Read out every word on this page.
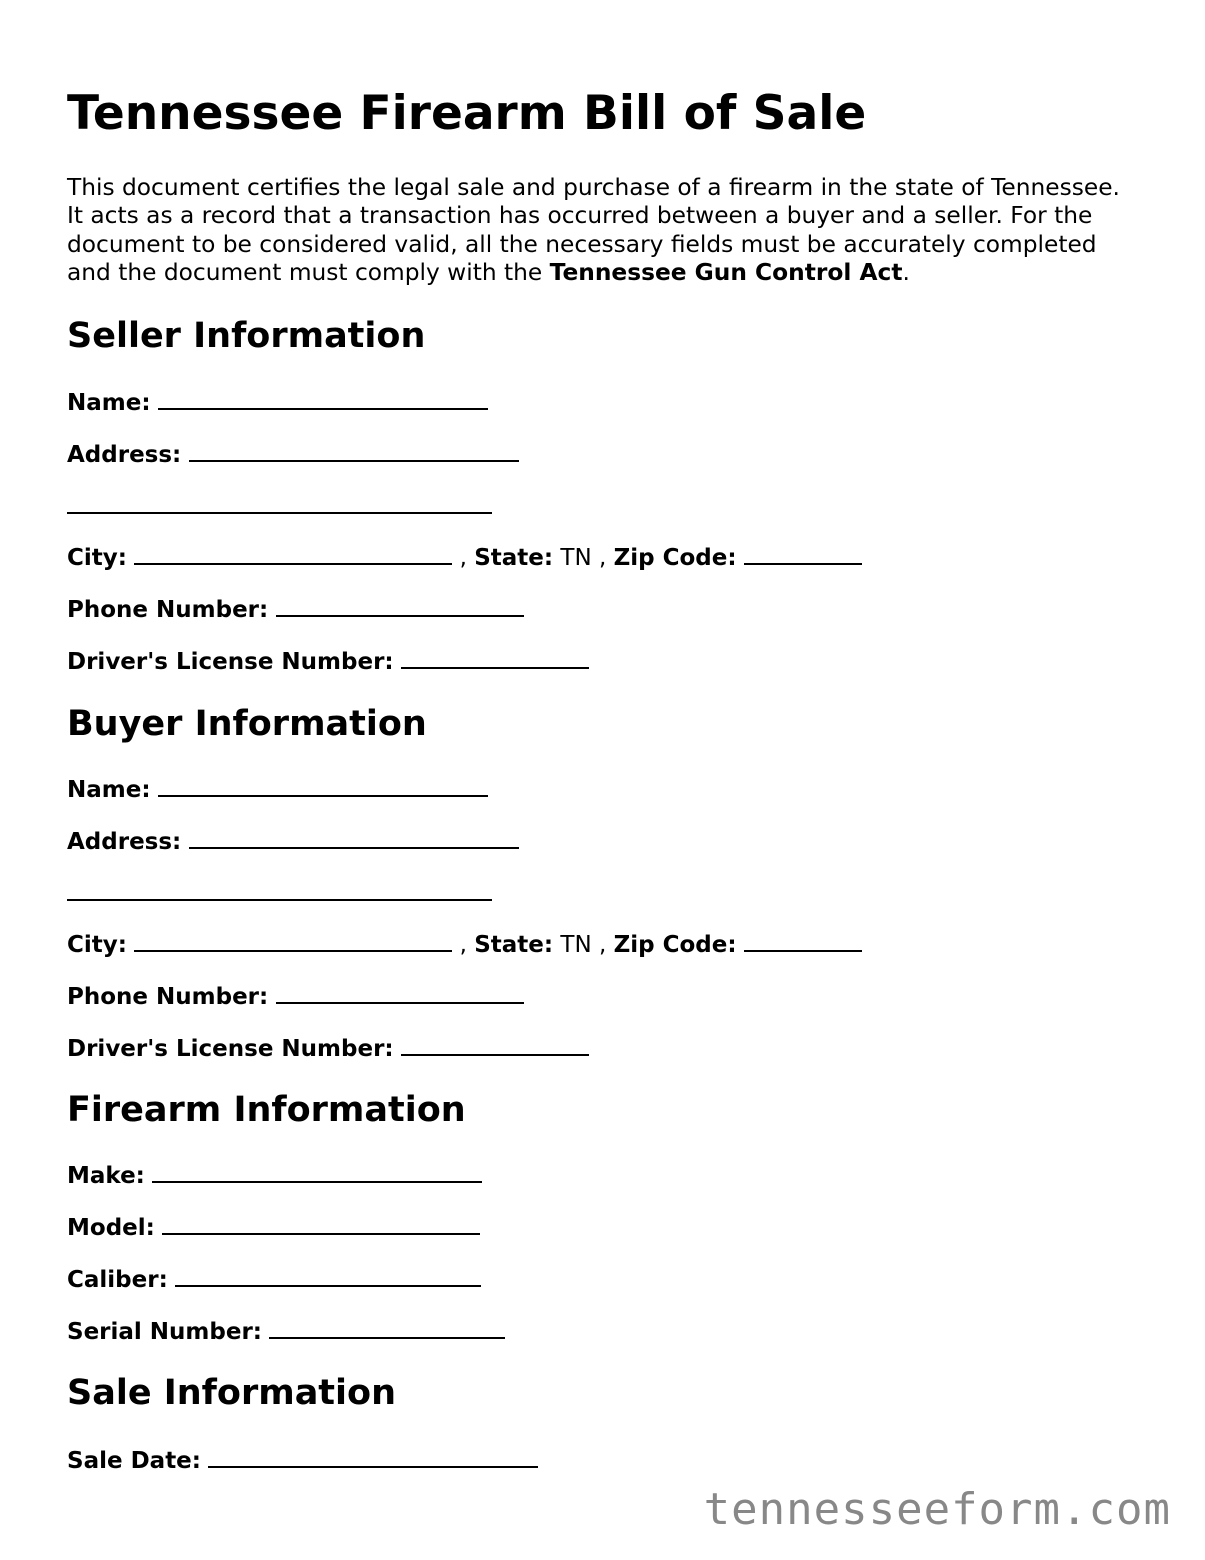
Tennessee Firearm Bill of Sale

This document certifies the legal sale and purchase of a firearm in the state of Tennessee.
It acts as a record that a transaction has occurred between a buyer and a seller. For the
document to be considered valid, all the necessary fields must be accurately completed
and the document must comply with the Tennessee Gun Control Act.

Seller Information
Name:
Address:
City:	, State: TN , Zip Code:
Phone Number:
Driver's License Number:
Buyer Information
Name:
Address:
City:	, State: TN , Zip Code:
Phone Number:
Driver's License Number:
Firearm Information
Make:
Model:
Caliber:
Serial Number:
Sale Information
Sale Date:
tennesseeform.com
